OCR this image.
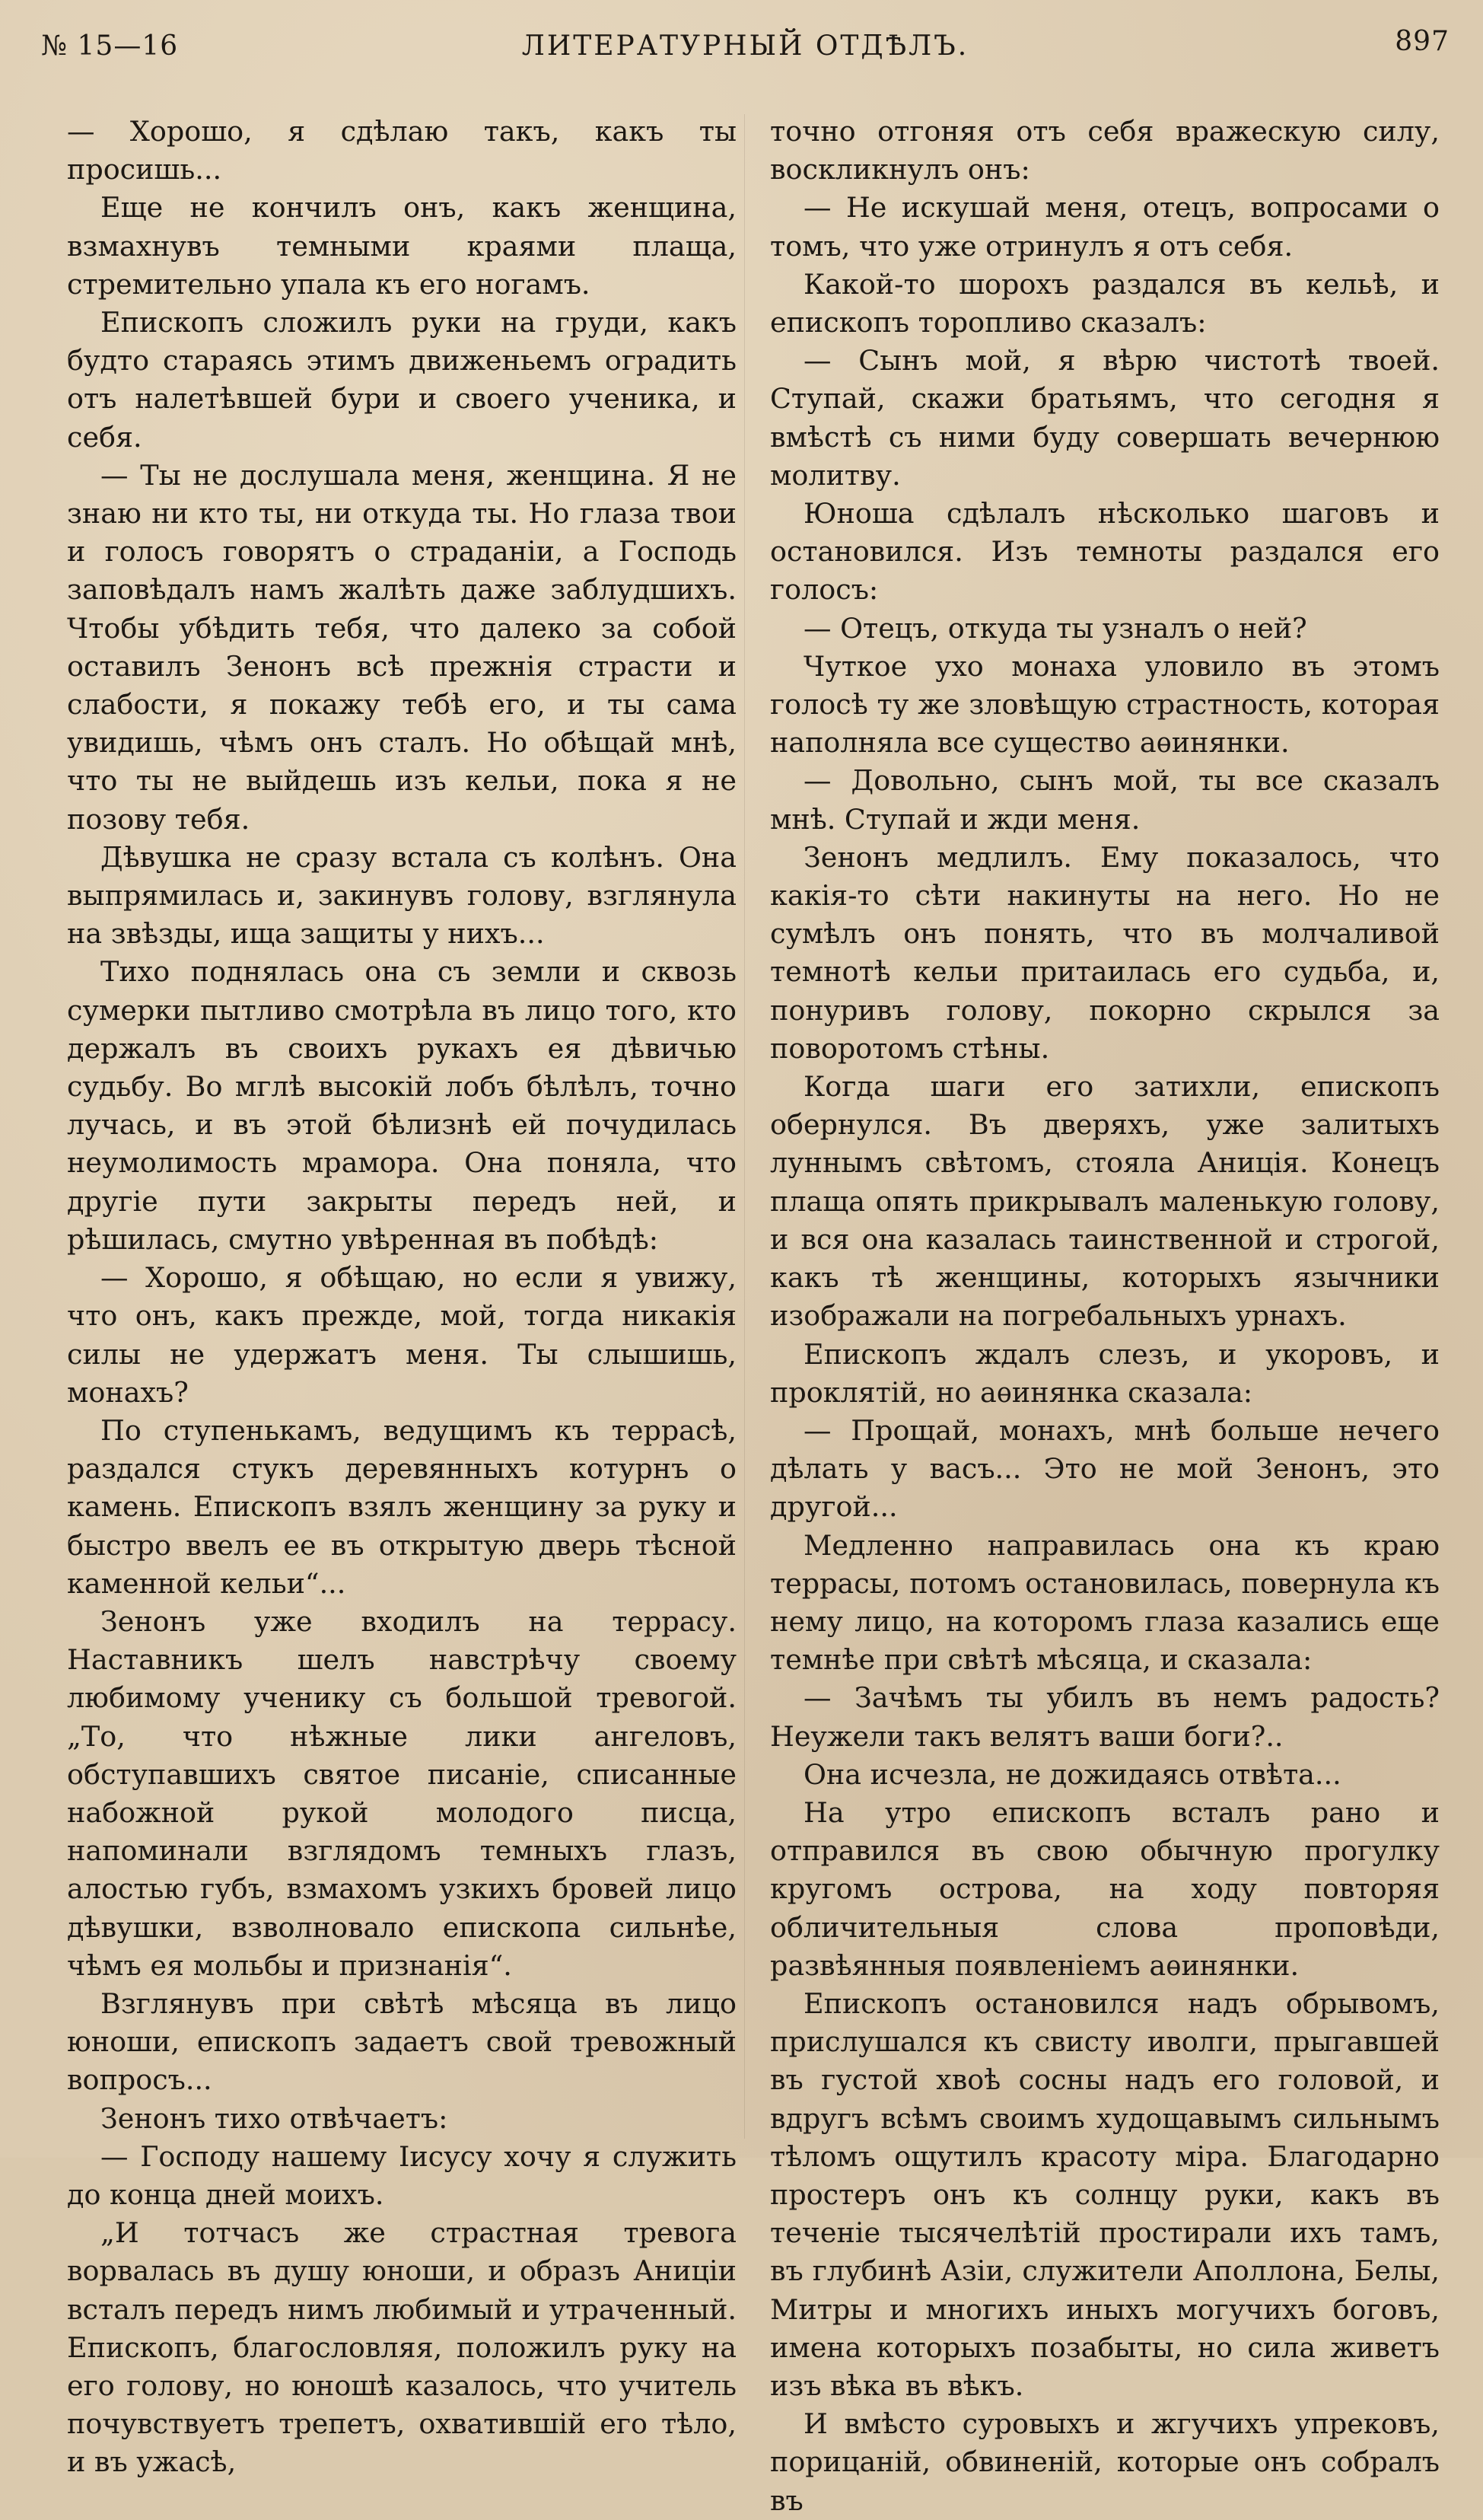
№ 15—16	ЛИТЕРАТУРНЫЙ ОТДѢЛЪ.	897

— Хорошо, я сдѣлаю такъ, какъ ты просишь...

Еще не кончилъ онъ, какъ женщина, взмахнувъ темными краями плаща, стремительно упала къ его ногамъ.

Епископъ сложилъ руки на груди, какъ будто стараясь этимъ движеньемъ оградить отъ налетѣвшей бури и своего ученика, и себя.

— Ты не дослушала меня, женщина. Я не знаю ни кто ты, ни откуда ты. Но глаза твои и голосъ говорятъ о страданіи, а Господь заповѣдалъ намъ жалѣть даже заблудшихъ. Чтобы убѣдить тебя, что далеко за собой оставилъ Зенонъ всѣ прежнія страсти и слабости, я покажу тебѣ его, и ты сама увидишь, чѣмъ онъ сталъ. Но обѣщай мнѣ, что ты не выйдешь изъ кельи, пока я не позову тебя.

Дѣвушка не сразу встала съ колѣнъ. Она выпрямилась и, закинувъ голову, взглянула на звѣзды, ища защиты у нихъ...

Тихо поднялась она съ земли и сквозь сумерки пытливо смотрѣла въ лицо того, кто держалъ въ своихъ рукахъ ея дѣвичью судьбу. Во мглѣ высокій лобъ бѣлѣлъ, точно лучась, и въ этой бѣлизнѣ ей почудилась неумолимость мрамора. Она поняла, что другіе пути закрыты передъ ней, и рѣшилась, смутно увѣренная въ побѣдѣ:

— Хорошо, я обѣщаю, но если я увижу, что онъ, какъ прежде, мой, тогда никакія силы не удержатъ меня. Ты слышишь, монахъ?

По ступенькамъ, ведущимъ къ террасѣ, раздался стукъ деревянныхъ котурнъ о камень. Епископъ взялъ женщину за руку и быстро ввелъ ее въ открытую дверь тѣсной каменной кельи“...

Зенонъ уже входилъ на террасу. Наставникъ шелъ навстрѣчу своему любимому ученику съ большой тревогой. „То, что нѣжные лики ангеловъ, обступавшихъ святое писаніе, списанные набожной рукой молодого писца, напоминали взглядомъ темныхъ глазъ, алостью губъ, взмахомъ узкихъ бровей лицо дѣвушки, взволновало епископа сильнѣе, чѣмъ ея мольбы и признанія“.

Взглянувъ при свѣтѣ мѣсяца въ лицо юноши, епископъ задаетъ свой тревожный вопросъ...

Зенонъ тихо отвѣчаетъ:

— Господу нашему Іисусу хочу я служить до конца дней моихъ.

„И тотчасъ же страстная тревога ворвалась въ душу юноши, и образъ Аниціи всталъ передъ нимъ любимый и утраченный. Епископъ, благословляя, положилъ руку на его голову, но юношѣ казалось, что учитель почувствуетъ трепетъ, охватившій его тѣло, и въ ужасѣ,

точно отгоняя отъ себя вражескую силу, воскликнулъ онъ:

— Не искушай меня, отецъ, вопросами о томъ, что уже отринулъ я отъ себя.

Какой-то шорохъ раздался въ кельѣ, и епископъ торопливо сказалъ:

— Сынъ мой, я вѣрю чистотѣ твоей. Ступай, скажи братьямъ, что сегодня я вмѣстѣ съ ними буду совершать вечернюю молитву.

Юноша сдѣлалъ нѣсколько шаговъ и остановился. Изъ темноты раздался его голосъ:

— Отецъ, откуда ты узналъ о ней?

Чуткое ухо монаха уловило въ этомъ голосѣ ту же зловѣщую страстность, которая наполняла все существо аѳинянки.

— Довольно, сынъ мой, ты все сказалъ мнѣ. Ступай и жди меня.

Зенонъ медлилъ. Ему показалось, что какія-то сѣти накинуты на него. Но не сумѣлъ онъ понять, что въ молчаливой темнотѣ кельи притаилась его судьба, и, понуривъ голову, покорно скрылся за поворотомъ стѣны.

Когда шаги его затихли, епископъ обернулся. Въ дверяхъ, уже залитыхъ луннымъ свѣтомъ, стояла Аниція. Конецъ плаща опять прикрывалъ маленькую голову, и вся она казалась таинственной и строгой, какъ тѣ женщины, которыхъ язычники изображали на погребальныхъ урнахъ.

Епископъ ждалъ слезъ, и укоровъ, и проклятій, но аѳинянка сказала:

— Прощай, монахъ, мнѣ больше нечего дѣлать у васъ... Это не мой Зенонъ, это другой...

Медленно направилась она къ краю террасы, потомъ остановилась, повернула къ нему лицо, на которомъ глаза казались еще темнѣе при свѣтѣ мѣсяца, и сказала:

— Зачѣмъ ты убилъ въ немъ радость? Неужели такъ велятъ ваши боги?..

Она исчезла, не дожидаясь отвѣта...

На утро епископъ всталъ рано и отправился въ свою обычную прогулку кругомъ острова, на ходу повторяя обличительныя слова проповѣди, развѣянныя появленіемъ аѳинянки.

Епископъ остановился надъ обрывомъ, прислушался къ свисту иволги, прыгавшей въ густой хвоѣ сосны надъ его головой, и вдругъ всѣмъ своимъ худощавымъ сильнымъ тѣломъ ощутилъ красоту міра. Благодарно простеръ онъ къ солнцу руки, какъ въ теченіе тысячелѣтій простирали ихъ тамъ, въ глубинѣ Азіи, служители Аполлона, Белы, Митры и многихъ иныхъ могучихъ боговъ, имена которыхъ позабыты, но сила живетъ изъ вѣка въ вѣкъ.

И вмѣсто суровыхъ и жгучихъ упрековъ, порицаній, обвиненій, которые онъ собралъ въ
